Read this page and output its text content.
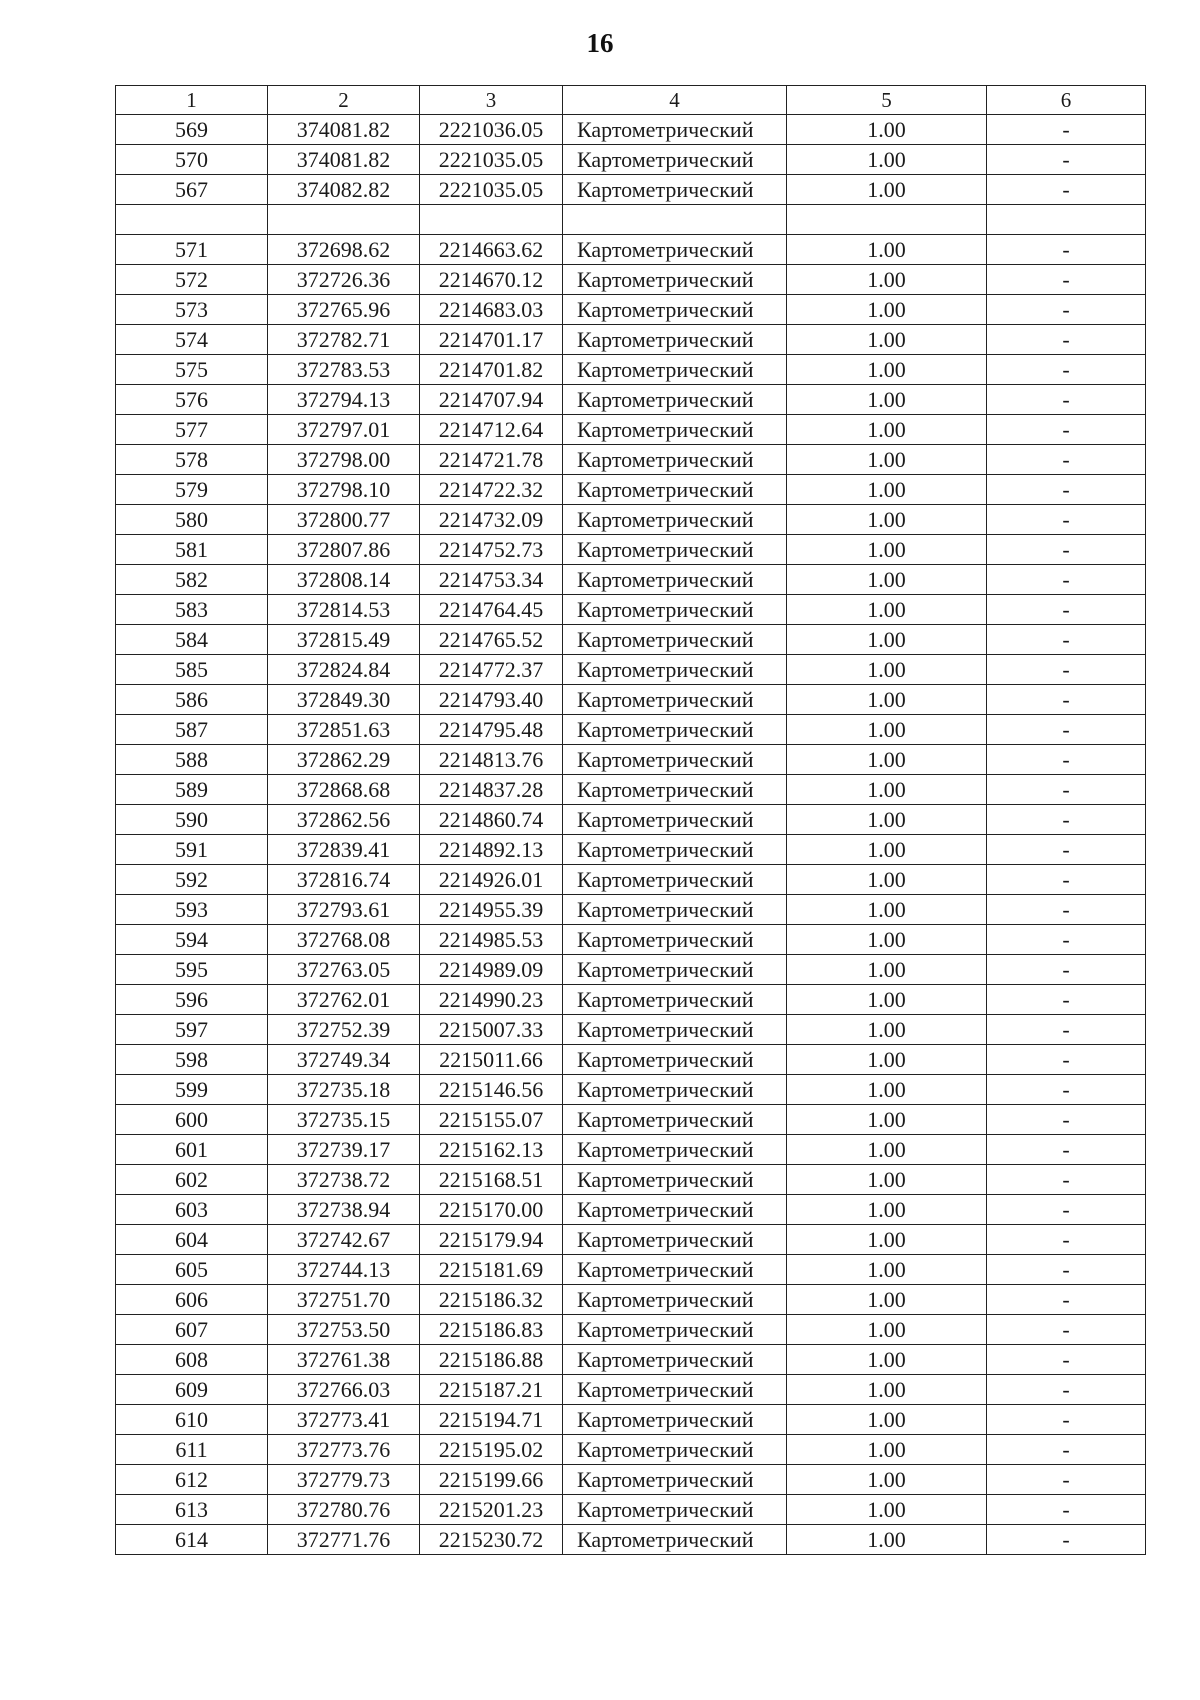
16
1	2	3	4	5	6
569	374081.82	2221036.05	Картометрический	1.00	-
570	374081.82	2221035.05	Картометрический	1.00	-
567	374082.82	2221035.05	Картометрический	1.00	-

571	372698.62	2214663.62	Картометрический	1.00	-
572	372726.36	2214670.12	Картометрический	1.00	-
573	372765.96	2214683.03	Картометрический	1.00	-
574	372782.71	2214701.17	Картометрический	1.00	-
575	372783.53	2214701.82	Картометрический	1.00	-
576	372794.13	2214707.94	Картометрический	1.00	-
577	372797.01	2214712.64	Картометрический	1.00	-
578	372798.00	2214721.78	Картометрический	1.00	-
579	372798.10	2214722.32	Картометрический	1.00	-
580	372800.77	2214732.09	Картометрический	1.00	-
581	372807.86	2214752.73	Картометрический	1.00	-
582	372808.14	2214753.34	Картометрический	1.00	-
583	372814.53	2214764.45	Картометрический	1.00	-
584	372815.49	2214765.52	Картометрический	1.00	-
585	372824.84	2214772.37	Картометрический	1.00	-
586	372849.30	2214793.40	Картометрический	1.00	-
587	372851.63	2214795.48	Картометрический	1.00	-
588	372862.29	2214813.76	Картометрический	1.00	-
589	372868.68	2214837.28	Картометрический	1.00	-
590	372862.56	2214860.74	Картометрический	1.00	-
591	372839.41	2214892.13	Картометрический	1.00	-
592	372816.74	2214926.01	Картометрический	1.00	-
593	372793.61	2214955.39	Картометрический	1.00	-
594	372768.08	2214985.53	Картометрический	1.00	-
595	372763.05	2214989.09	Картометрический	1.00	-
596	372762.01	2214990.23	Картометрический	1.00	-
597	372752.39	2215007.33	Картометрический	1.00	-
598	372749.34	2215011.66	Картометрический	1.00	-
599	372735.18	2215146.56	Картометрический	1.00	-
600	372735.15	2215155.07	Картометрический	1.00	-
601	372739.17	2215162.13	Картометрический	1.00	-
602	372738.72	2215168.51	Картометрический	1.00	-
603	372738.94	2215170.00	Картометрический	1.00	-
604	372742.67	2215179.94	Картометрический	1.00	-
605	372744.13	2215181.69	Картометрический	1.00	-
606	372751.70	2215186.32	Картометрический	1.00	-
607	372753.50	2215186.83	Картометрический	1.00	-
608	372761.38	2215186.88	Картометрический	1.00	-
609	372766.03	2215187.21	Картометрический	1.00	-
610	372773.41	2215194.71	Картометрический	1.00	-
611	372773.76	2215195.02	Картометрический	1.00	-
612	372779.73	2215199.66	Картометрический	1.00	-
613	372780.76	2215201.23	Картометрический	1.00	-
614	372771.76	2215230.72	Картометрический	1.00	-
